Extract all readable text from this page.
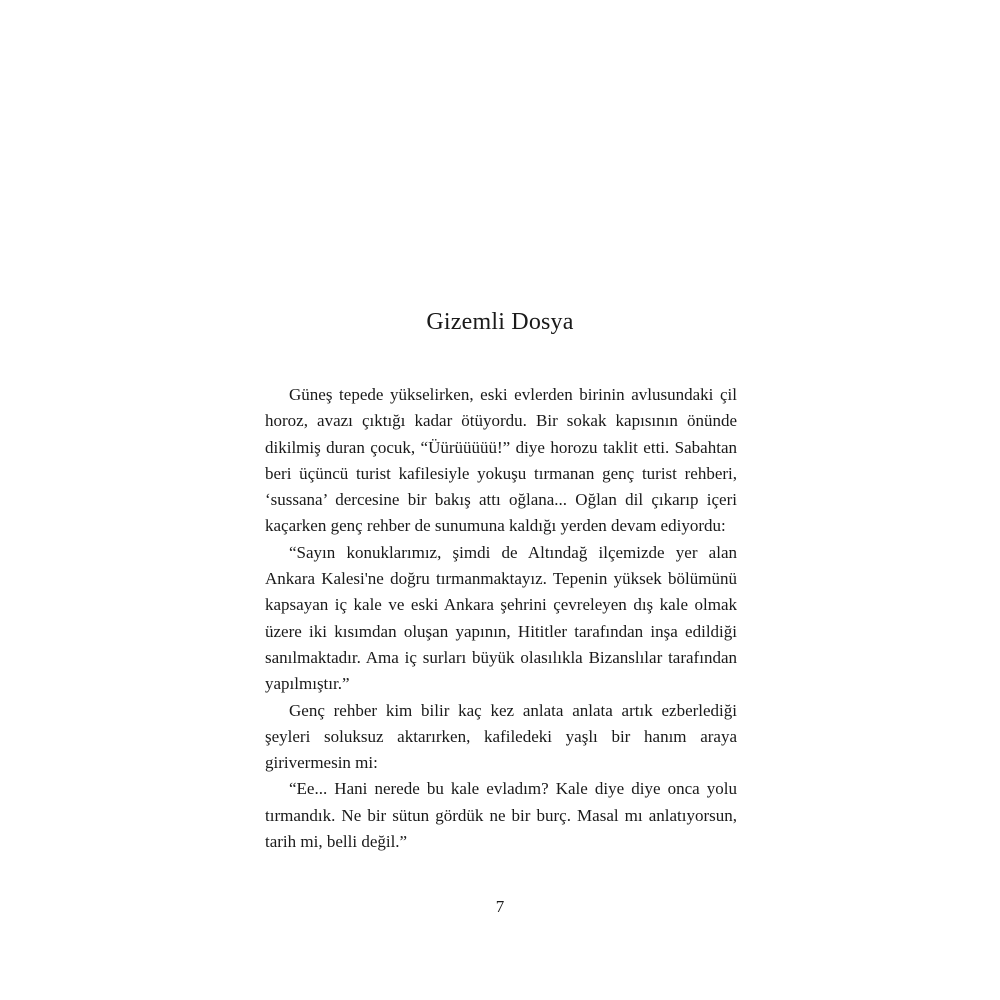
Gizemli Dosya

Güneş tepede yükselirken, eski evlerden birinin avlusundaki çil horoz, avazı çıktığı kadar ötüyordu. Bir sokak kapısının önünde dikilmiş duran çocuk, “Üürüüüüü!” diye horozu taklit etti. Sabahtan beri üçüncü turist kafilesiyle yokuşu tırmanan genç turist rehberi, ‘sussana’ dercesine bir bakış attı oğlana... Oğlan dil çıkarıp içeri kaçarken genç rehber de sunumuna kaldığı yerden devam ediyordu:

“Sayın konuklarımız, şimdi de Altındağ ilçemizde yer alan Ankara Kalesi'ne doğru tırmanmaktayız. Tepenin yüksek bölümünü kapsayan iç kale ve eski Ankara şehrini çevreleyen dış kale olmak üzere iki kısımdan oluşan yapının, Hititler tarafından inşa edildiği sanılmaktadır. Ama iç surları büyük olasılıkla Bizanslılar tarafından yapılmıştır.”

Genç rehber kim bilir kaç kez anlata anlata artık ezberlediği şeyleri soluksuz aktarırken, kafiledeki yaşlı bir hanım araya girivermesin mi:

“Ee... Hani nerede bu kale evladım? Kale diye diye onca yolu tırmandık. Ne bir sütun gördük ne bir burç. Masal mı anlatıyorsun, tarih mi, belli değil.”

7
